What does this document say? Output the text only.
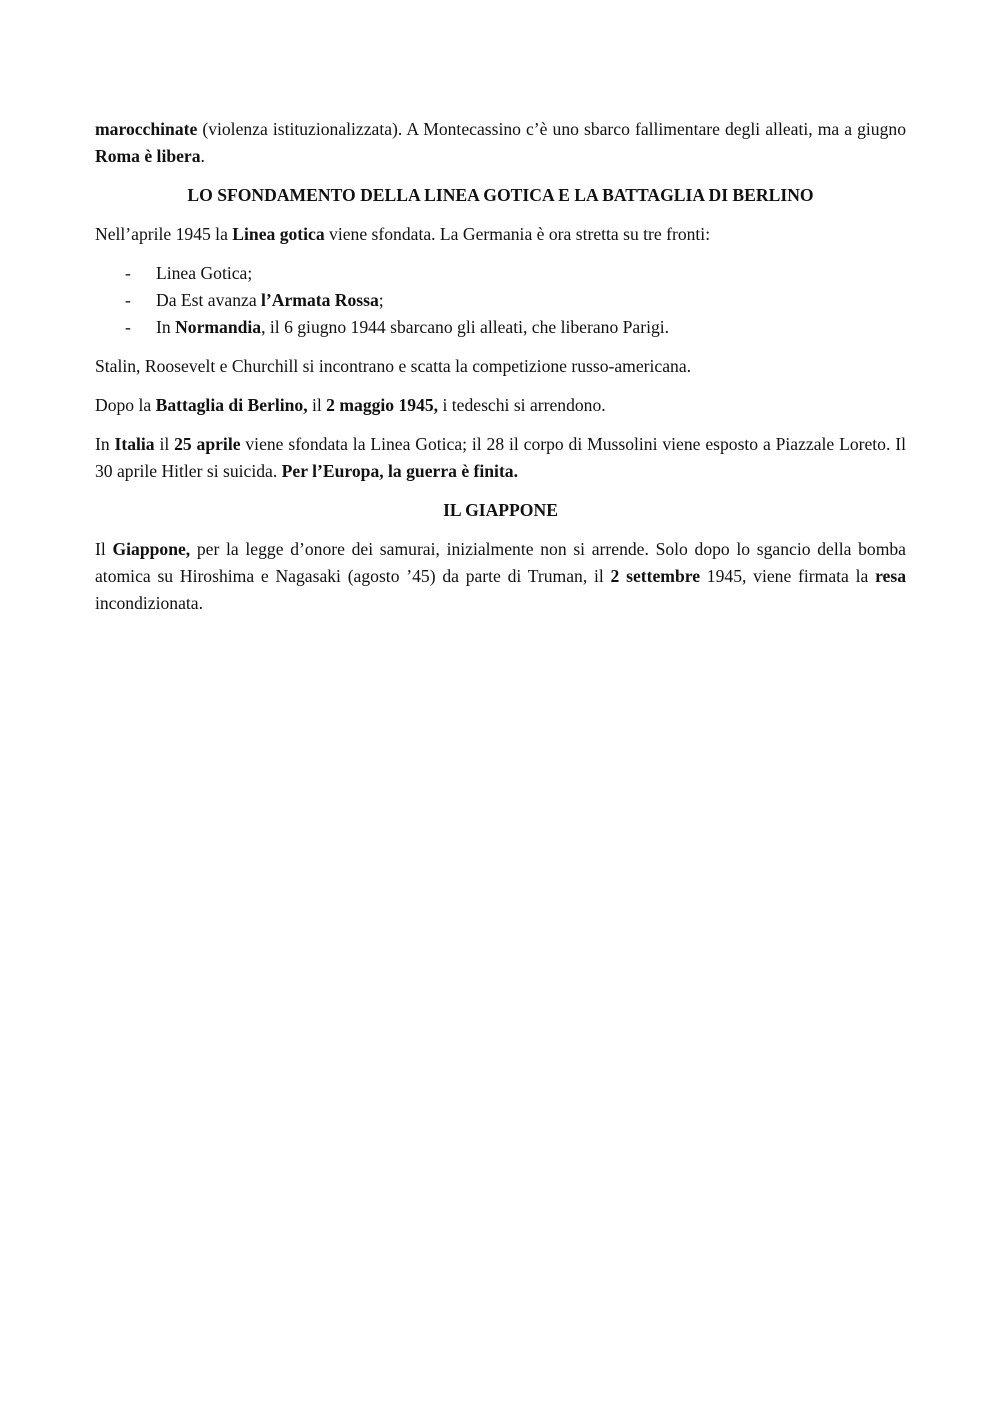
marocchinate (violenza istituzionalizzata). A Montecassino c’è uno sbarco fallimentare degli alleati, ma a giugno Roma è libera.

LO SFONDAMENTO DELLA LINEA GOTICA E LA BATTAGLIA DI BERLINO

Nell’aprile 1945 la Linea gotica viene sfondata. La Germania è ora stretta su tre fronti:

- Linea Gotica;
- Da Est avanza l’Armata Rossa;
- In Normandia, il 6 giugno 1944 sbarcano gli alleati, che liberano Parigi.

Stalin, Roosevelt e Churchill si incontrano e scatta la competizione russo-americana.

Dopo la Battaglia di Berlino, il 2 maggio 1945, i tedeschi si arrendono.

In Italia il 25 aprile viene sfondata la Linea Gotica; il 28 il corpo di Mussolini viene esposto a Piazzale Loreto. Il 30 aprile Hitler si suicida. Per l’Europa, la guerra è finita.

IL GIAPPONE

Il Giappone, per la legge d’onore dei samurai, inizialmente non si arrende. Solo dopo lo sgancio della bomba atomica su Hiroshima e Nagasaki (agosto ’45) da parte di Truman, il 2 settembre 1945, viene firmata la resa incondizionata.
